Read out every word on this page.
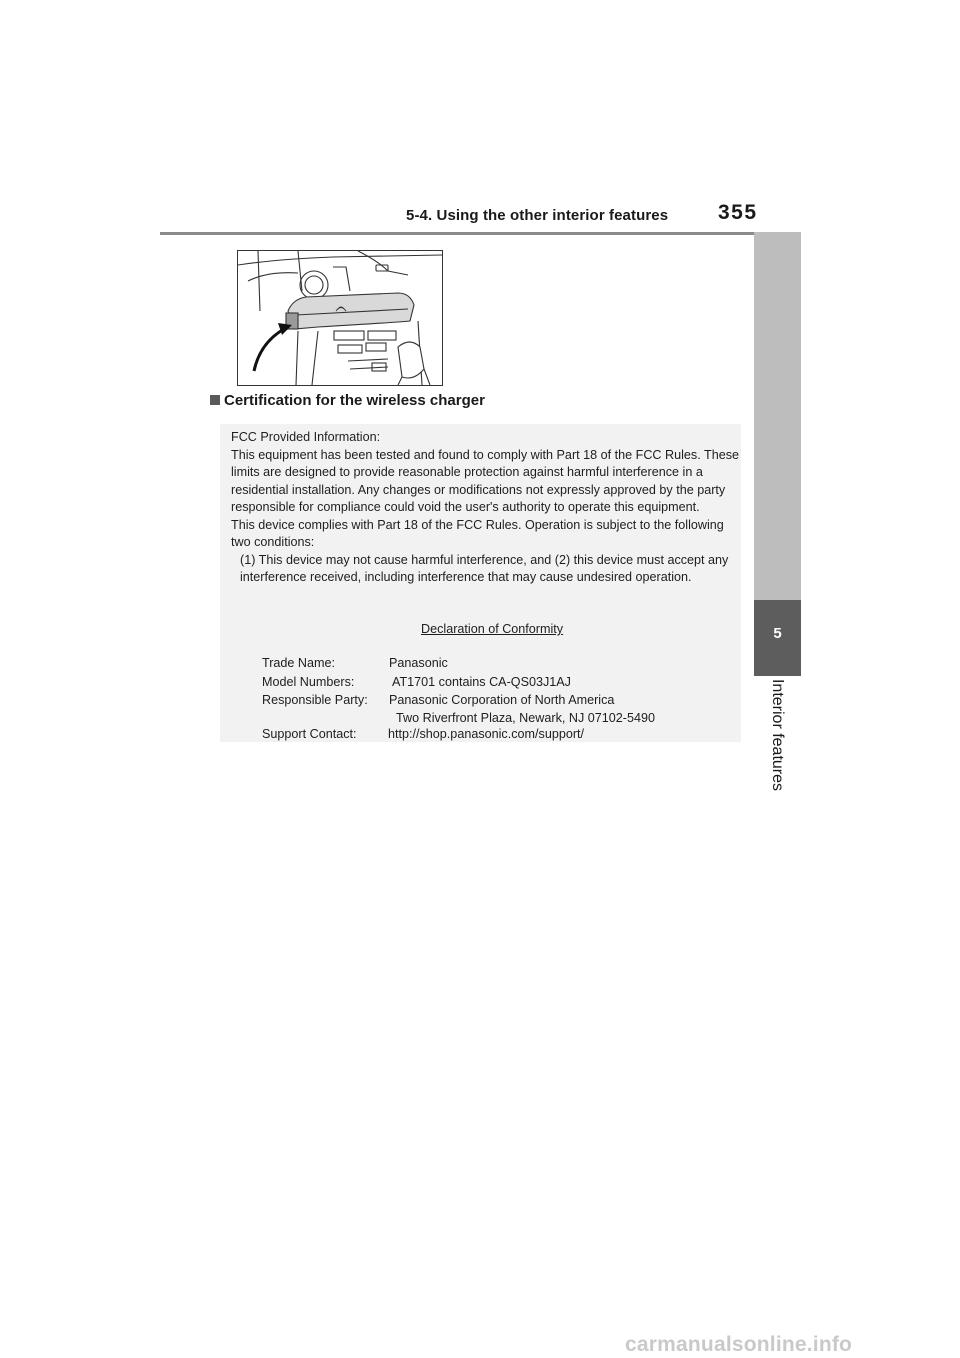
5-4. Using the other interior features 355
5
Interior features
Certification for the wireless charger

FCC Provided Information:

This equipment has been tested and found to comply with Part 18 of the FCC Rules. These limits are designed to provide reasonable protection against harmful interference in a residential installation. Any changes or modifications not expressly approved by the party responsible for compliance could void the user's authority to operate this equipment.

This device complies with Part 18 of the FCC Rules. Operation is subject to the following two conditions:

(1) This device may not cause harmful interference, and (2) this device must accept any interference received, including interference that may cause undesired operation.

Declaration of Conformity
Trade Name:	Panasonic
Model Numbers:	AT1701 contains CA-QS03J1AJ
Responsible Party: Panasonic Corporation of North America
Two Riverfront Plaza, Newark, NJ 07102-5490
Support Contact: http://shop.panasonic.com/support/
carmanualsonline.info
